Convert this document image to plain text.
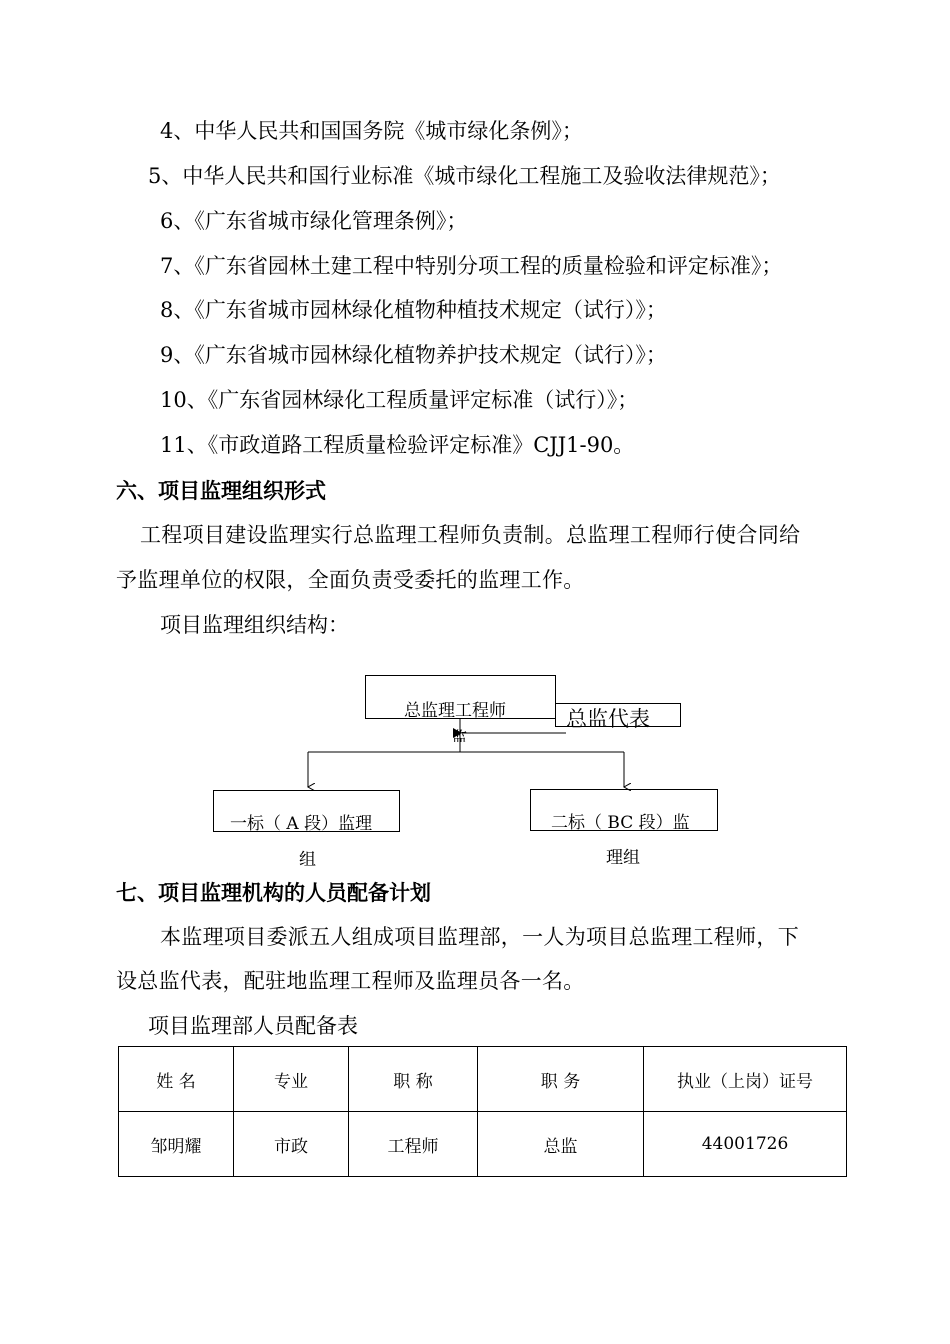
4、中华人民共和国国务院《城市绿化条例》；
5、中华人民共和国行业标准《城市绿化工程施工及验收法律规范》；
6、《广东省城市绿化管理条例》；
7、《广东省园林土建工程中特别分项工程的质量检验和评定标准》；
8、《广东省城市园林绿化植物种植技术规定（试行）》；
9、《广东省城市园林绿化植物养护技术规定（试行）》；
10、《广东省园林绿化工程质量评定标准（试行）》；
11、《市政道路工程质量检验评定标准》CJJ1-90。
六、项目监理组织形式
工程项目建设监理实行总监理工程师负责制。总监理工程师行使合同给
予监理单位的权限，全面负责受委托的监理工作。
项目监理组织结构：
总监理工程师	总监代表
监
一标（ A 段）监理
组
二标（ BC 段）监
理组
七、项目监理机构的人员配备计划
本监理项目委派五人组成项目监理部，一人为项目总监理工程师，下
设总监代表，配驻地监理工程师及监理员各一名。
项目监理部人员配备表
姓 名	专业	职 称	职 务	执业（上岗）证号
邹明耀	市政	工程师	总监	44001726
